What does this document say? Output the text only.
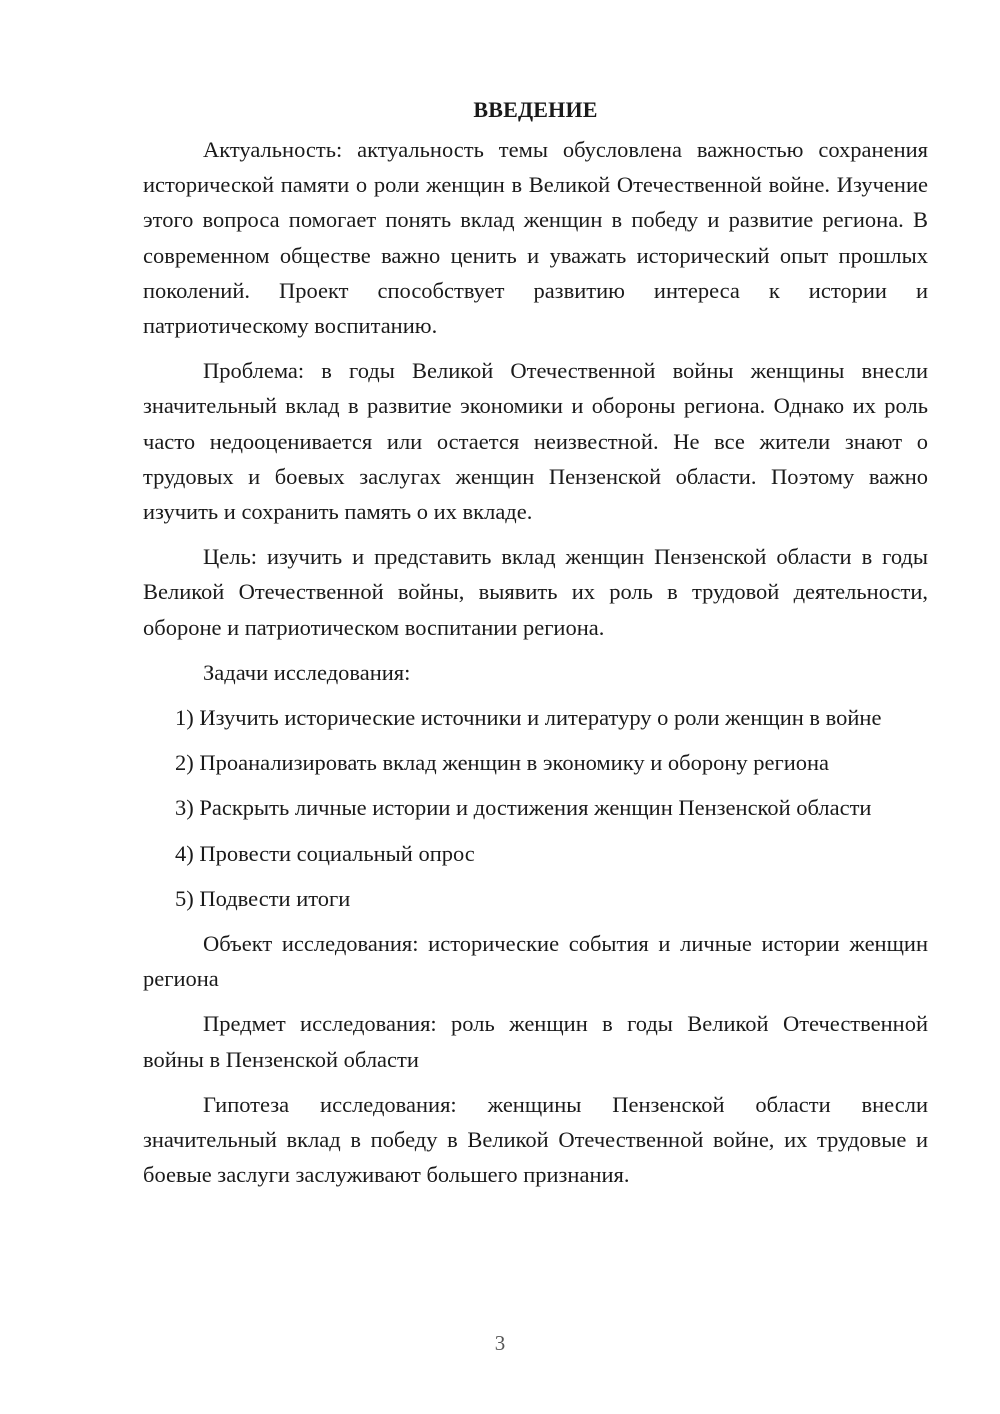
ВВЕДЕНИЕ

Актуальность: актуальность темы обусловлена важностью сохранения исторической памяти о роли женщин в Великой Отечественной войне. Изучение этого вопроса помогает понять вклад женщин в победу и развитие региона. В современном обществе важно ценить и уважать исторический опыт прошлых поколений. Проект способствует развитию интереса к истории и патриотическому воспитанию.

Проблема: в годы Великой Отечественной войны женщины внесли значительный вклад в развитие экономики и обороны региона. Однако их роль часто недооценивается или остается неизвестной. Не все жители знают о трудовых и боевых заслугах женщин Пензенской области. Поэтому важно изучить и сохранить память о их вкладе.

Цель: изучить и представить вклад женщин Пензенской области в годы Великой Отечественной войны, выявить их роль в трудовой деятельности, обороне и патриотическом воспитании региона.

Задачи исследования:

1) Изучить исторические источники и литературу о роли женщин в войне

2) Проанализировать вклад женщин в экономику и оборону региона

3) Раскрыть личные истории и достижения женщин Пензенской области

4) Провести социальный опрос

5) Подвести итоги

Объект исследования: исторические события и личные истории женщин региона

Предмет исследования: роль женщин в годы Великой Отечественной войны в Пензенской области

Гипотеза исследования: женщины Пензенской области внесли значительный вклад в победу в Великой Отечественной войне, их трудовые и боевые заслуги заслуживают большего признания.

3
